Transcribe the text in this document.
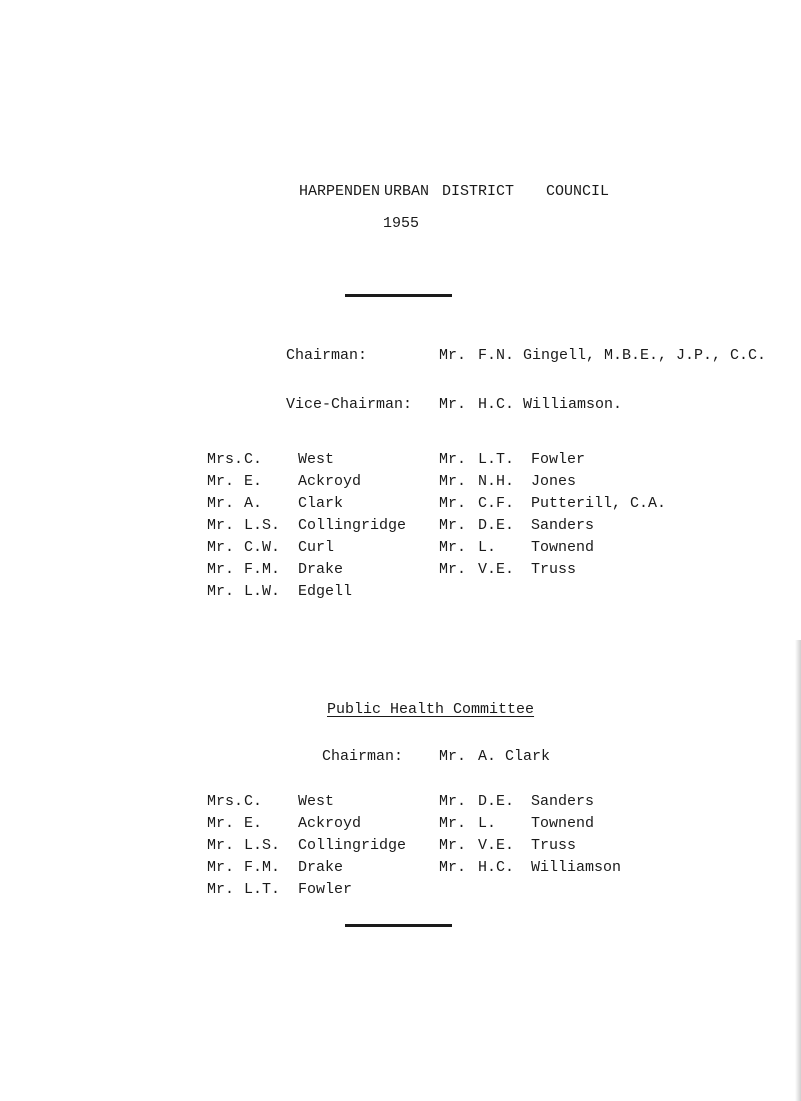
HARPENDEN URBAN DISTRICT COUNCIL
1955
Chairman:	Mr. F.N. Gingell, M.B.E., J.P., C.C.
Vice-Chairman: Mr. H.C. Williamson.

Mrs.

C.

West

Mr.

E.

Ackroyd

Mr.

A.

Clark

Mr.

L.S.

Collingridge

Mr.

C.W.

Curl

Mr.

F.M.

Drake

Mr.

L.W.

Edgell

Mr.

L.T.

Fowler

Mr.

N.H.

Jones

Mr.

C.F.

Putterill, C.A.

Mr.

D.E.

Sanders

Mr.

L.

Townend

Mr.

V.E.

Truss

Public Health Committee
Chairman: Mr. A. Clark

Mrs.

C.

West

Mr.

E.

Ackroyd

Mr.

L.S.

Collingridge

Mr.

F.M.

Drake

Mr.

L.T.

Fowler

Mr.

D.E.

Sanders

Mr.

L.

Townend

Mr.

V.E.

Truss

Mr.

H.C.

Williamson
